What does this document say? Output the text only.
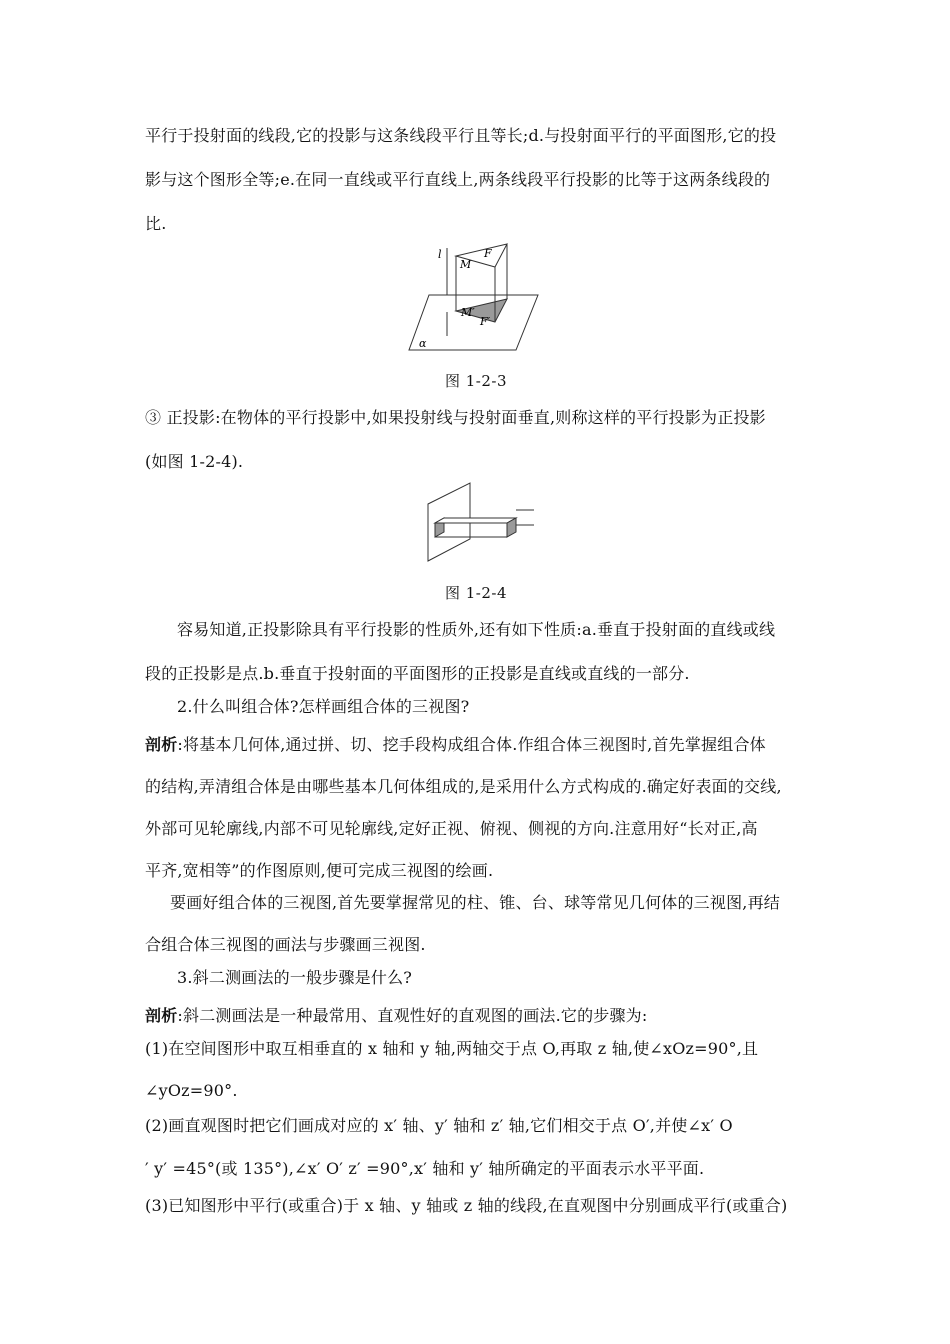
平行于投射面的线段,它的投影与这条线段平行且等长;d.与投射面平行的平面图形,它的投
影与这个图形全等;e.在同一直线或平行直线上,两条线段平行投影的比等于这两条线段的
比.
l
M
F
M′
F′
α
图 1-2-3
③ 正投影:在物体的平行投影中,如果投射线与投射面垂直,则称这样的平行投影为正投影
(如图 1-2-4).
图 1-2-4
容易知道,正投影除具有平行投影的性质外,还有如下性质:a.垂直于投射面的直线或线
段的正投影是点.b.垂直于投射面的平面图形的正投影是直线或直线的一部分.
2.什么叫组合体?怎样画组合体的三视图?
剖析:将基本几何体,通过拼、切、挖手段构成组合体.作组合体三视图时,首先掌握组合体
的结构,弄清组合体是由哪些基本几何体组成的,是采用什么方式构成的.确定好表面的交线,
外部可见轮廓线,内部不可见轮廓线,定好正视、俯视、侧视的方向.注意用好“长对正,高
平齐,宽相等”的作图原则,便可完成三视图的绘画.
要画好组合体的三视图,首先要掌握常见的柱、锥、台、球等常见几何体的三视图,再结
合组合体三视图的画法与步骤画三视图.
3.斜二测画法的一般步骤是什么?
剖析:斜二测画法是一种最常用、直观性好的直观图的画法.它的步骤为:
(1)在空间图形中取互相垂直的 x 轴和 y 轴,两轴交于点 O,再取 z 轴,使∠xOz=90°,且
∠yOz=90°.
(2)画直观图时把它们画成对应的 x′ 轴、y′ 轴和 z′ 轴,它们相交于点 O′,并使∠x′ O
′ y′ =45°(或 135°),∠x′ O′ z′ =90°,x′ 轴和 y′ 轴所确定的平面表示水平平面.
(3)已知图形中平行(或重合)于 x 轴、y 轴或 z 轴的线段,在直观图中分别画成平行(或重合)
